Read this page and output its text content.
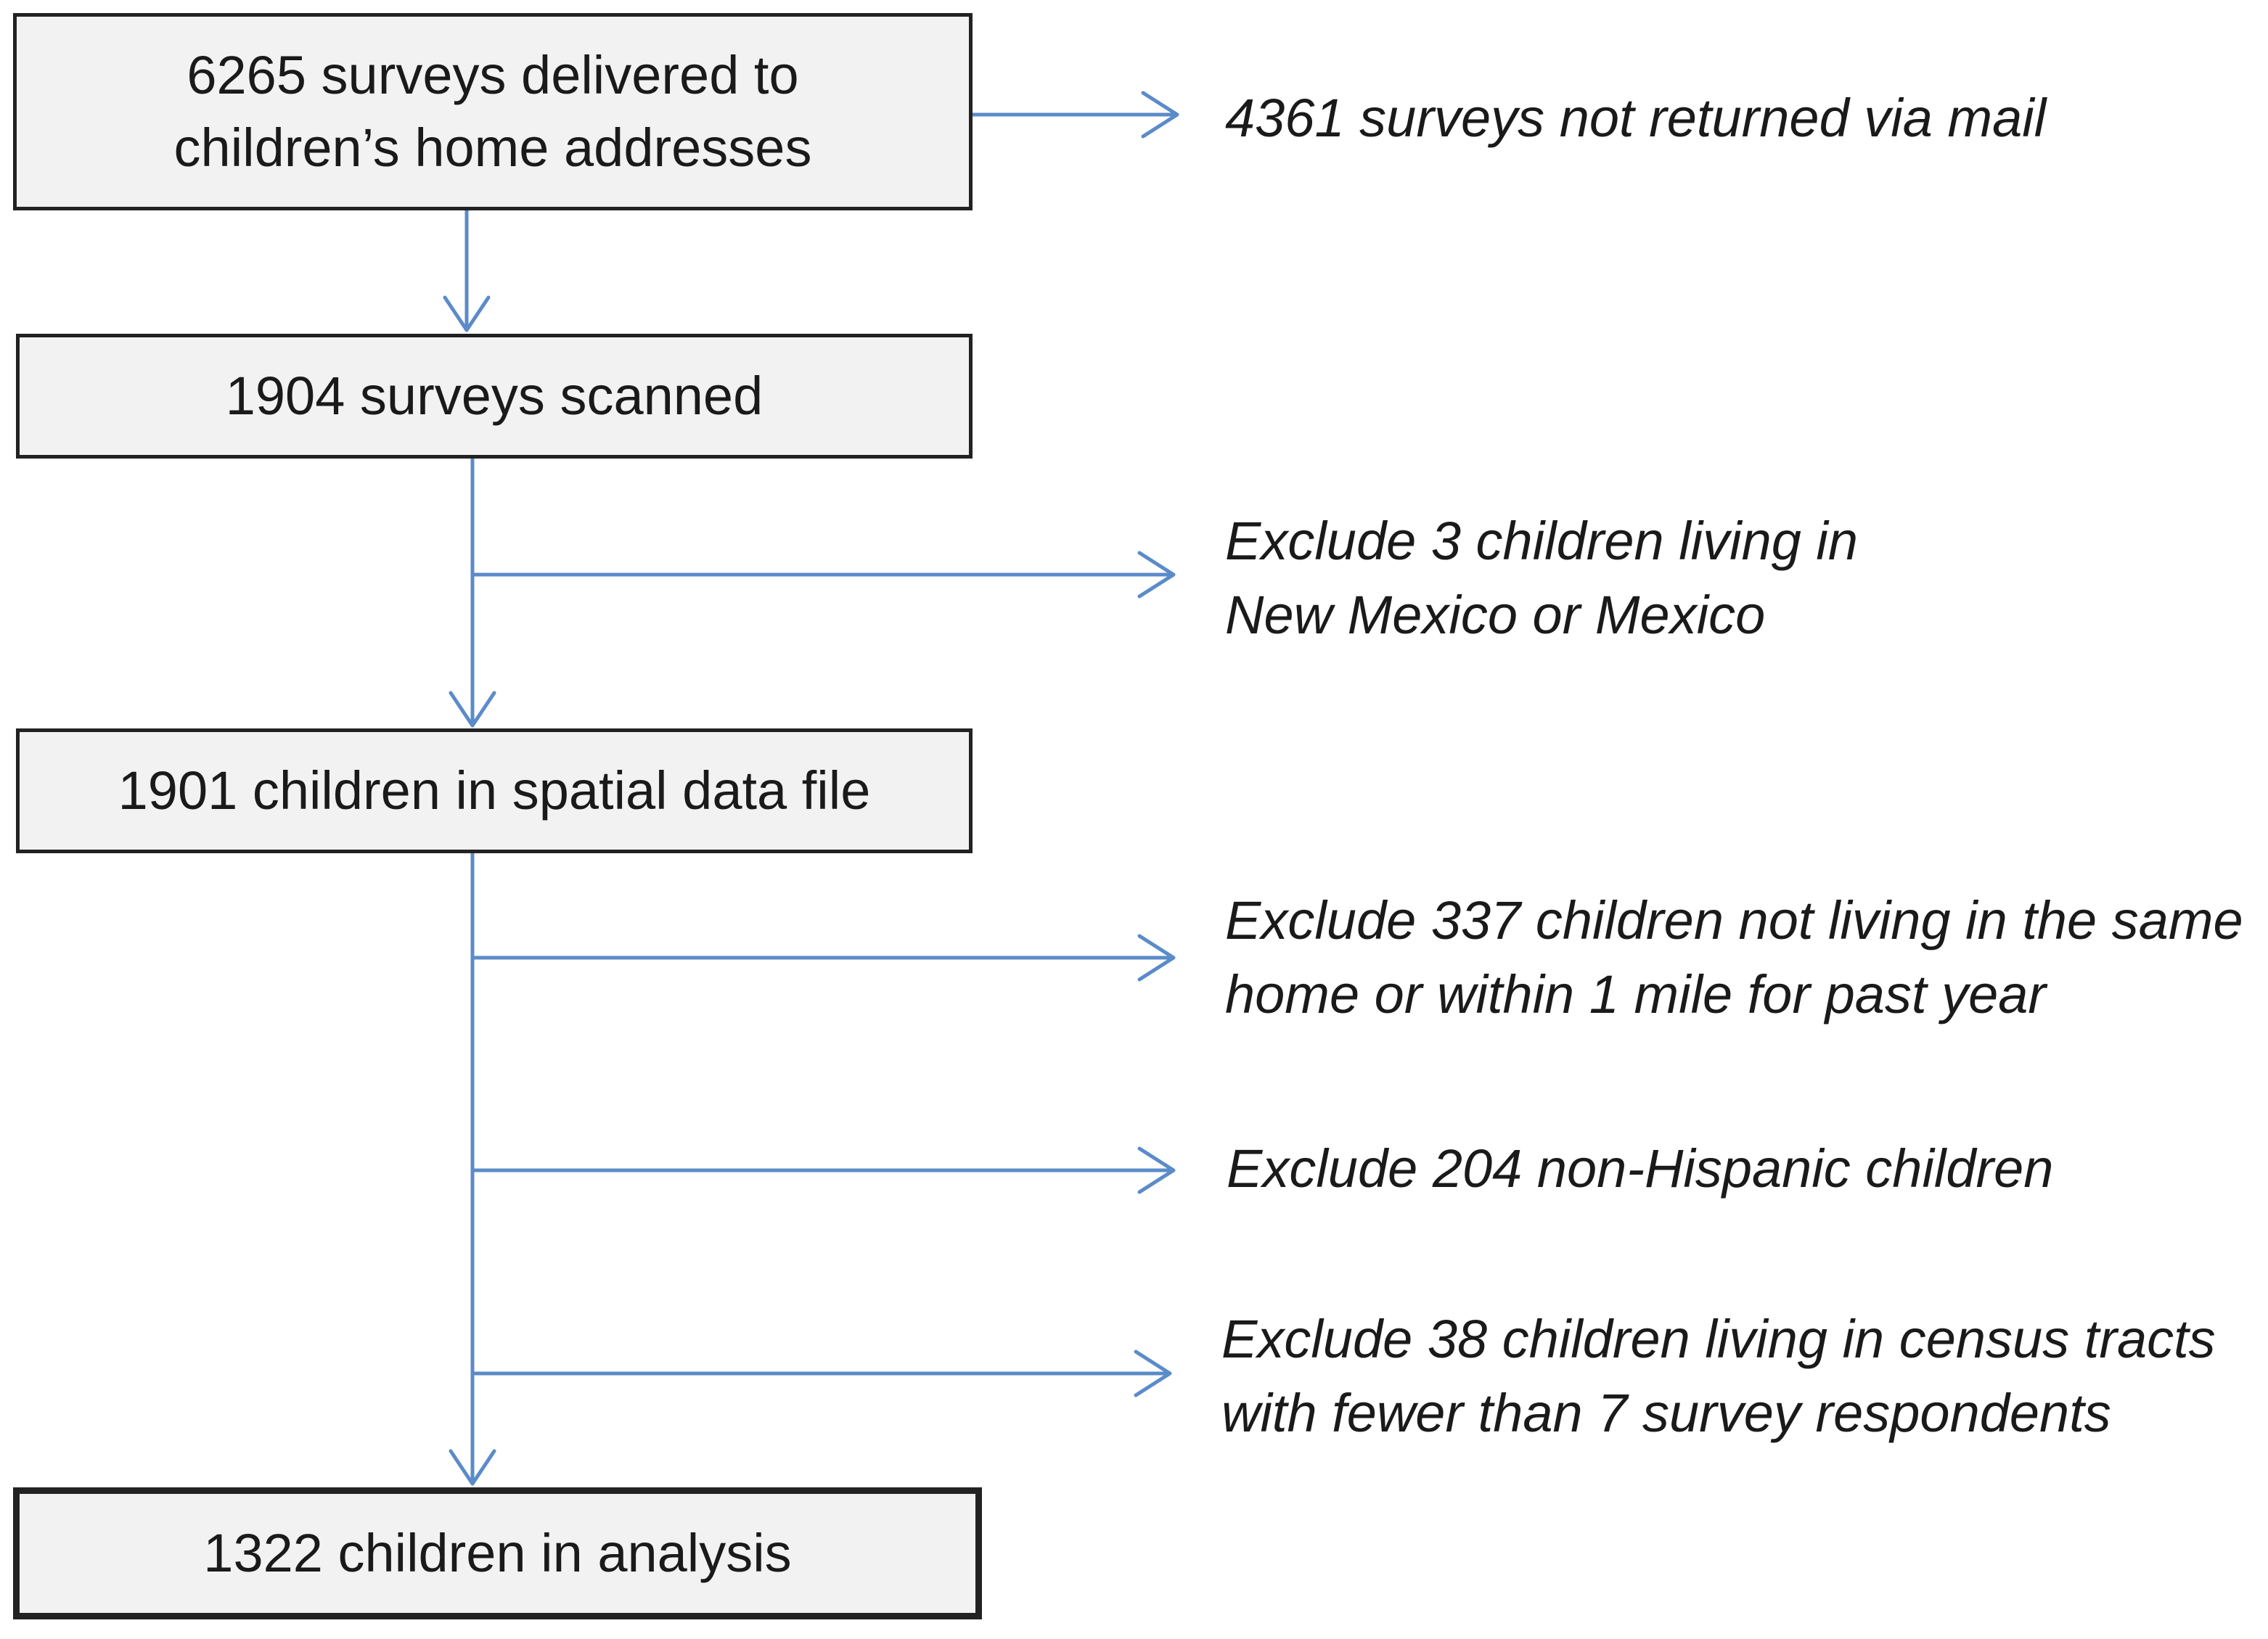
6265 surveys delivered to
children’s home addresses
1904 surveys scanned
1901 children in spatial data file
1322 children in analysis
4361 surveys not returned via mail
Exclude 3 children living in
New Mexico or Mexico
Exclude 337 children not living in the same
home or within 1 mile for past year
Exclude 204 non-Hispanic children
Exclude 38 children living in census tracts
with fewer than 7 survey respondents
